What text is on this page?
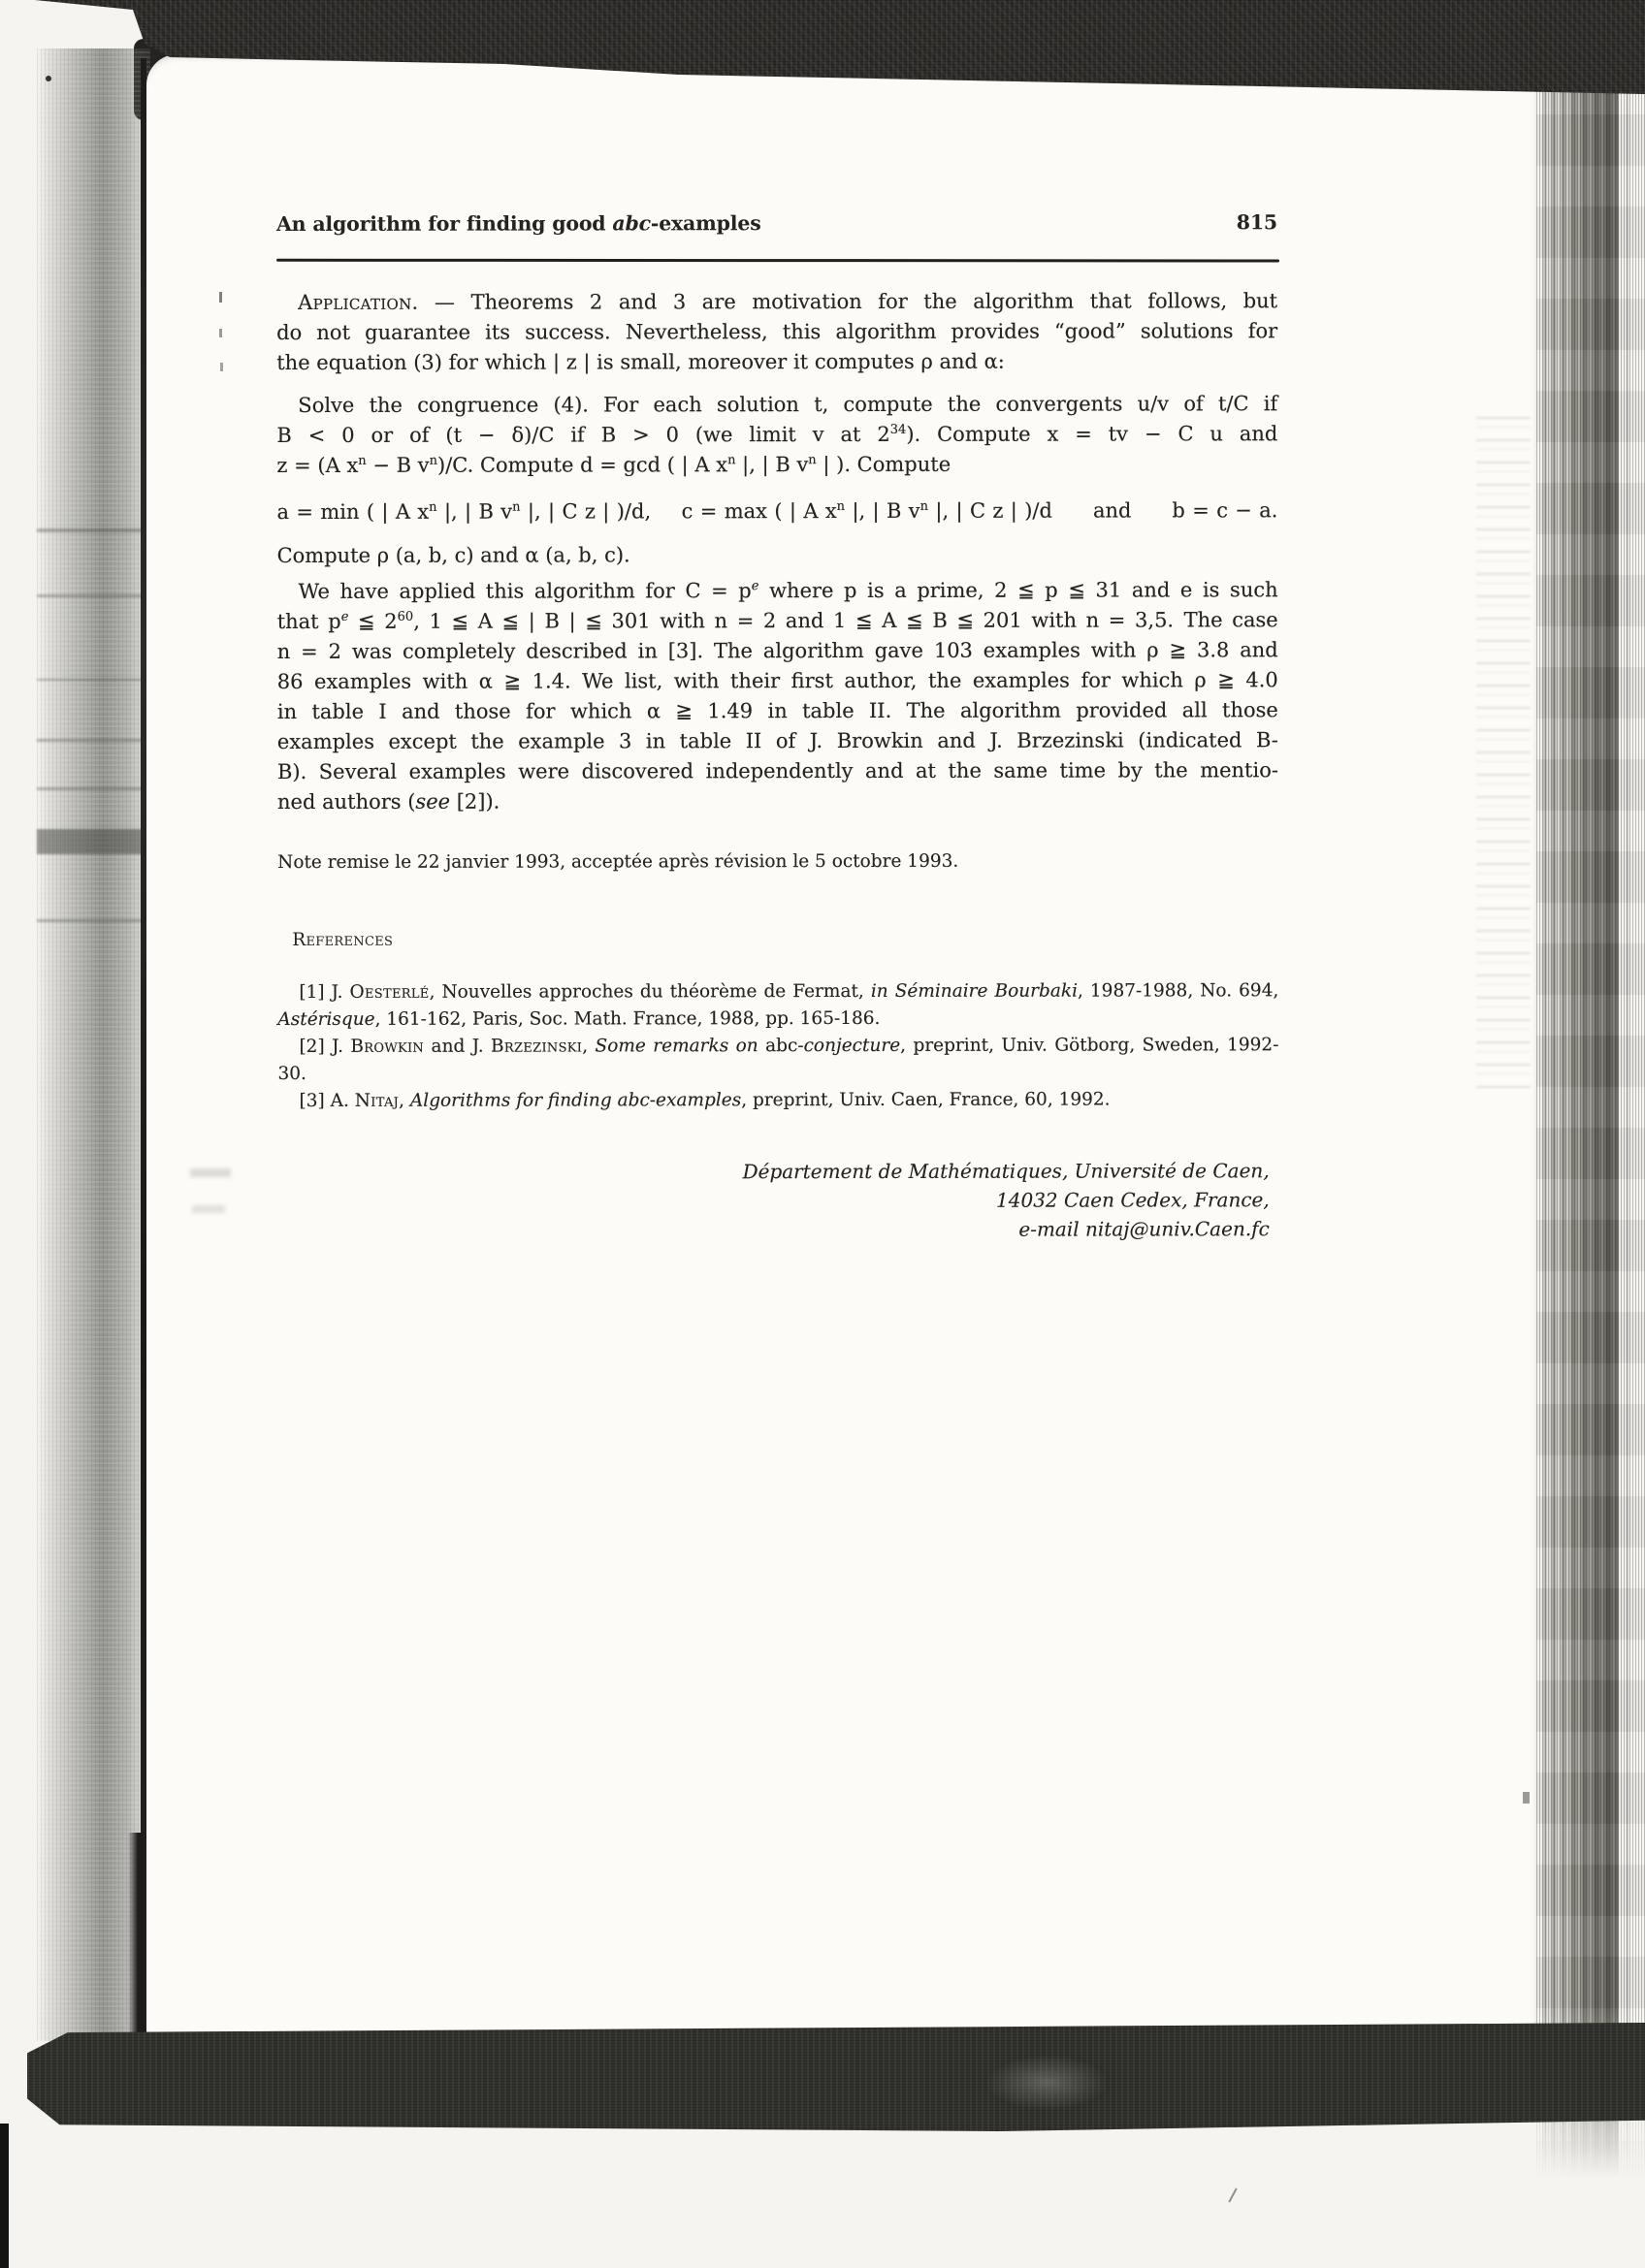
An algorithm for finding good abc-examples	815
Application. — Theorems 2 and 3 are motivation for the algorithm that follows, but
do not guarantee its success. Nevertheless, this algorithm provides “good” solutions for
the equation (3) for which | z | is small, moreover it computes ρ and α:
Solve the congruence (4). For each solution t, compute the convergents u/v of t/C if
B < 0 or of (t − δ)/C if B > 0 (we limit v at $2^{34}$). Compute x = tv − C u and
z = (A $x^n - B$ $v^n)/C$. Compute d = gcd ( | A $x^n$ |, | B $v^n$ | ). Compute
a = min ( | A $x^n$ |, | B $v^n$ |, | C z | )/d,  c = max ( | A $x^n$ |, | B $v^n$ |, | C z | )/d  and  b = c − a.
Compute ρ (a, b, c) and α (a, b, c).
We have applied this algorithm for $C = p^e$ where p is a prime, 2 ≦ p ≦ 31 and e is such
that $p^e$ ≦ $2^{60}$, 1 ≦ A ≦ | B | ≦ 301 with n = 2 and 1 ≦ A ≦ B ≦ 201 with n = 3,5. The case
n = 2 was completely described in [3]. The algorithm gave 103 examples with ρ ≧ 3.8 and
86 examples with α ≧ 1.4. We list, with their first author, the examples for which ρ ≧ 4.0
in table I and those for which α ≧ 1.49 in table II. The algorithm provided all those
examples except the example 3 in table II of J. Browkin and J. Brzezinski (indicated B-
B). Several examples were discovered independently and at the same time by the mentio-
ned authors (see [2]).
Note remise le 22 janvier 1993, acceptée après révision le 5 octobre 1993.
References
[1] J. Oesterlé, Nouvelles approches du théorème de Fermat, in Séminaire Bourbaki, 1987-1988, No. 694,
Astérisque, 161-162, Paris, Soc. Math. France, 1988, pp. 165-186.
[2] J. Browkin and J. Brzezinski, Some remarks on abc-conjecture, preprint, Univ. Götborg, Sweden, 1992-
30.
[3] A. Nitaj, Algorithms for finding abc-examples, preprint, Univ. Caen, France, 60, 1992.
Département de Mathématiques, Université de Caen,
14032 Caen Cedex, France,
e-mail nitaj@univ.Caen.fc
